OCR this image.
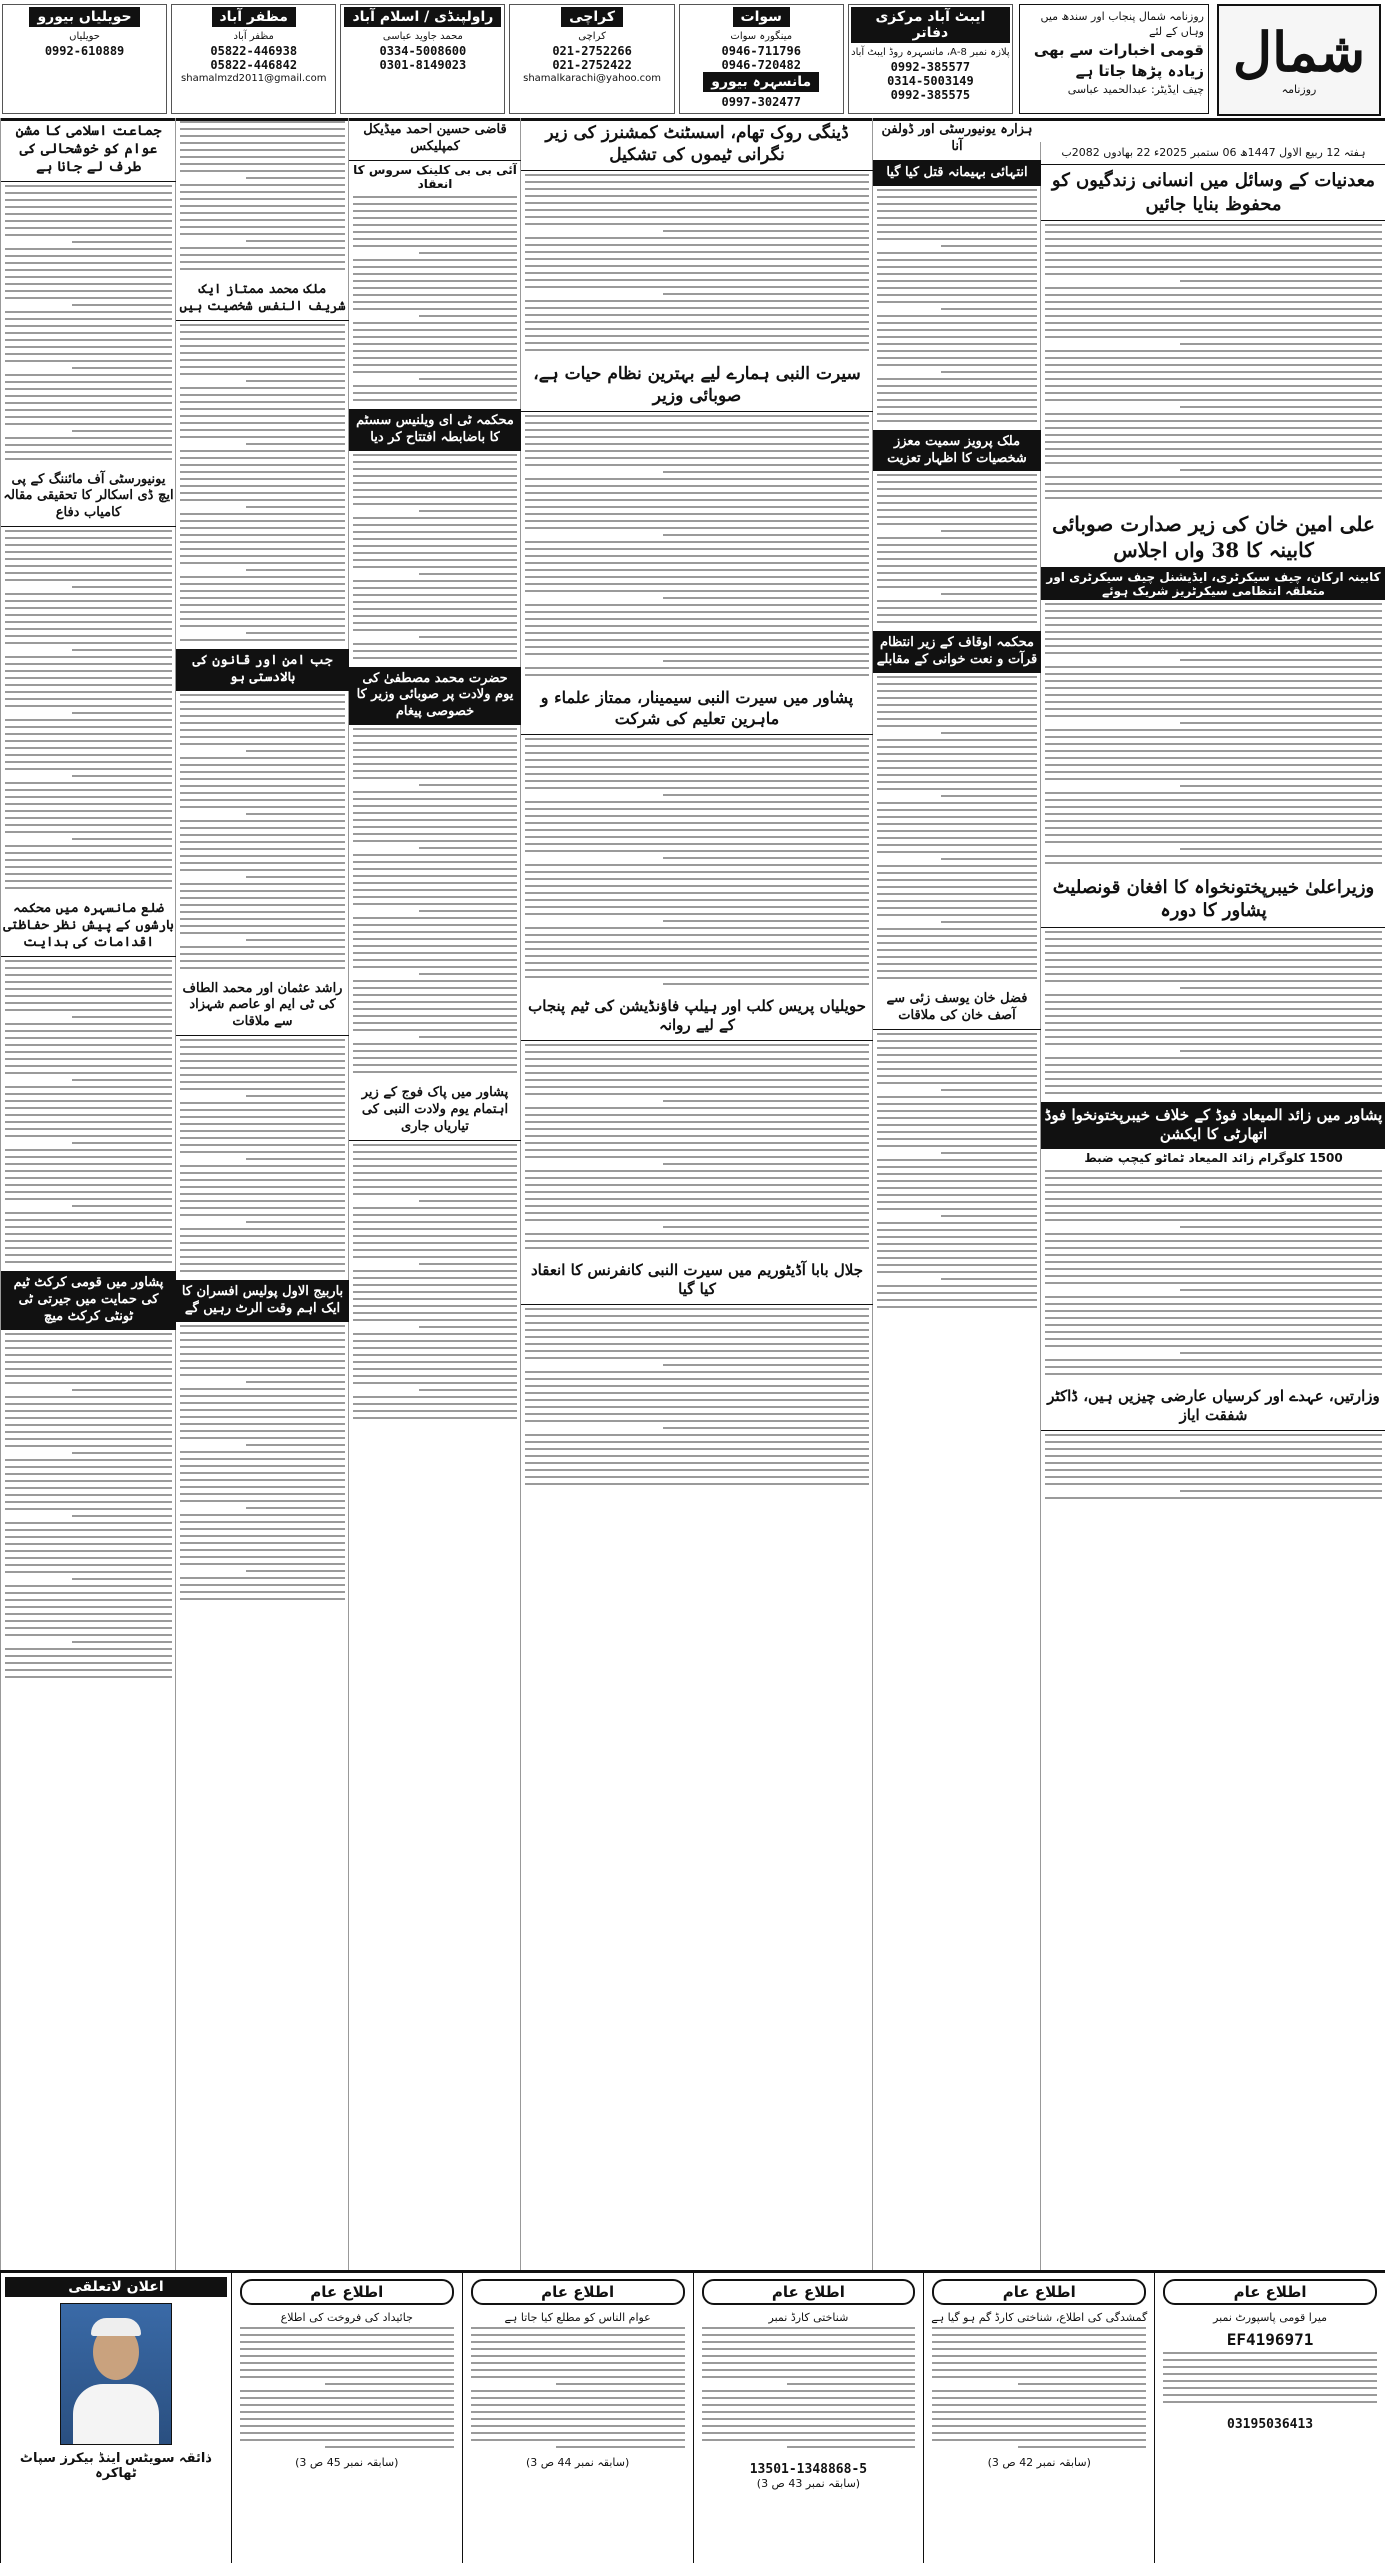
شمال
روزنامہ
روزنامہ شمال پنجاب اور سندھ میں وہاں کے لئے
قومی اخبارات سے بھی
زیادہ پڑھا جاتا ہے
چیف ایڈیٹر: عبدالحمید عباسی
ایبٹ آباد مرکزی دفاتر
پلازہ نمبر 8-A، مانسہرہ روڈ ایبٹ آباد
0992-385577
0314-5003149
0992-385575
سوات
مینگورہ سوات
0946-711796
0946-720482
مانسہرہ بیورو
0997-302477
کراچی
کراچی
021-2752266
021-2752422
shamalkarachi@yahoo.com
راولپنڈی / اسلام آباد
محمد جاوید عباسی
0334-5008600
0301-8149023
مظفر آباد
مظفر آباد
05822-446938
05822-446842
shamalmzd2011@gmail.com
حویلیاں بیورو
حویلیاں
0992-610889
ہفتہ 12 ربیع الاول 1447ھ 06 ستمبر 2025ء 22 بھادوں 2082ب
معدنیات کے وسائل میں انسانی زندگیوں کو محفوظ بنایا جائیں
علی امین خان کی زیر صدارت صوبائی کابینہ کا 38 واں اجلاس
کابینہ ارکان، چیف سیکرٹری، ایڈیشنل چیف سیکرٹری اور متعلقہ انتظامی سیکرٹریز شریک ہوئے
وزیراعلیٰ خیبرپختونخواہ کا افغان قونصلیٹ پشاور کا دورہ
پشاور میں زائد المیعاد فوڈ کے خلاف خیبرپختونخوا فوڈ اتھارٹی کا ایکشن
1500 کلوگرام زائد المیعاد ٹماٹو کیچپ ضبط
وزارتیں، عہدے اور کرسیاں عارضی چیزیں ہیں، ڈاکٹر شفقت ایاز
ہزارہ یونیورسٹی اور ڈولفن آنا
انتہائی بہیمانہ قتل کیا گیا
ملک پرویز سمیت معزز شخصیات کا اظہار تعزیت
محکمہ اوقاف کے زیر انتظام قرآت و نعت خوانی کے مقابلے
فضل خان یوسف زئی سے آصف خان کی ملاقات
ڈینگی روک تھام، اسسٹنٹ کمشنرز کی زیر نگرانی ٹیموں کی تشکیل
سیرت النبی ہمارے لیے بہترین نظام حیات ہے، صوبائی وزیر
پشاور میں سیرت النبی سیمینار، ممتاز علماء و ماہرین تعلیم کی شرکت
حویلیاں پریس کلب اور ہیلپ فاؤنڈیشن کی ٹیم پنجاب کے لیے روانہ
جلال بابا آڈیٹوریم میں سیرت النبی کانفرنس کا انعقاد کیا گیا
قاضی حسین احمد میڈیکل کمپلیکس
آئی بی بی کلینک سروس کا انعقاد
محکمہ ٹی ای ویلنیس سسٹم کا باضابطہ افتتاح کر دیا
حضرت محمد مصطفیٰ کی یوم ولادت پر صوبائی وزیر کا خصوصی پیغام
پشاور میں پاک فوج کے زیر اہتمام یوم ولادت النبی کی تیاریاں جاری
ملک محمد ممتاز ایک شریف النفس شخصیت ہیں
جب امن اور قانون کی بالادستی ہو
راشد عثمان اور محمد الطاف کی ٹی ایم او عاصم شہزاد سے ملاقات
باربیج الاول پولیس افسران کا ایک اہم وقت الرٹ رہیں گے
جماعت اسلامی کا مشن عوام کو خوشحالی کی طرف لے جانا ہے
یونیورسٹی آف مائننگ کے پی ایچ ڈی اسکالر کا تحقیقی مقالہ کامیاب دفاع
ضلع مانسہرہ میں محکمہ بارشوں کے پیش نظر حفاظتی اقدامات کی ہدایت
پشاور میں قومی کرکٹ ٹیم کی حمایت میں جیرتی ٹی ٹونٹی کرکٹ میچ
اطلاع عام
میرا قومی پاسپورٹ نمبر
EF4196971
03195036413
اطلاع عام
گمشدگی کی اطلاع، شناختی کارڈ گم ہو گیا ہے
(سابقہ نمبر 42 ص 3)
اطلاع عام
شناختی کارڈ نمبر
13501-1348868-5
(سابقہ نمبر 43 ص 3)
اطلاع عام
عوام الناس کو مطلع کیا جاتا ہے
(سابقہ نمبر 44 ص 3)
اطلاع عام
جائیداد کی فروخت کی اطلاع
(سابقہ نمبر 45 ص 3)
اعلان لاتعلقی
ذائقہ سویٹس اینڈ بیکرز سپاٹ ٹھاکرہ
